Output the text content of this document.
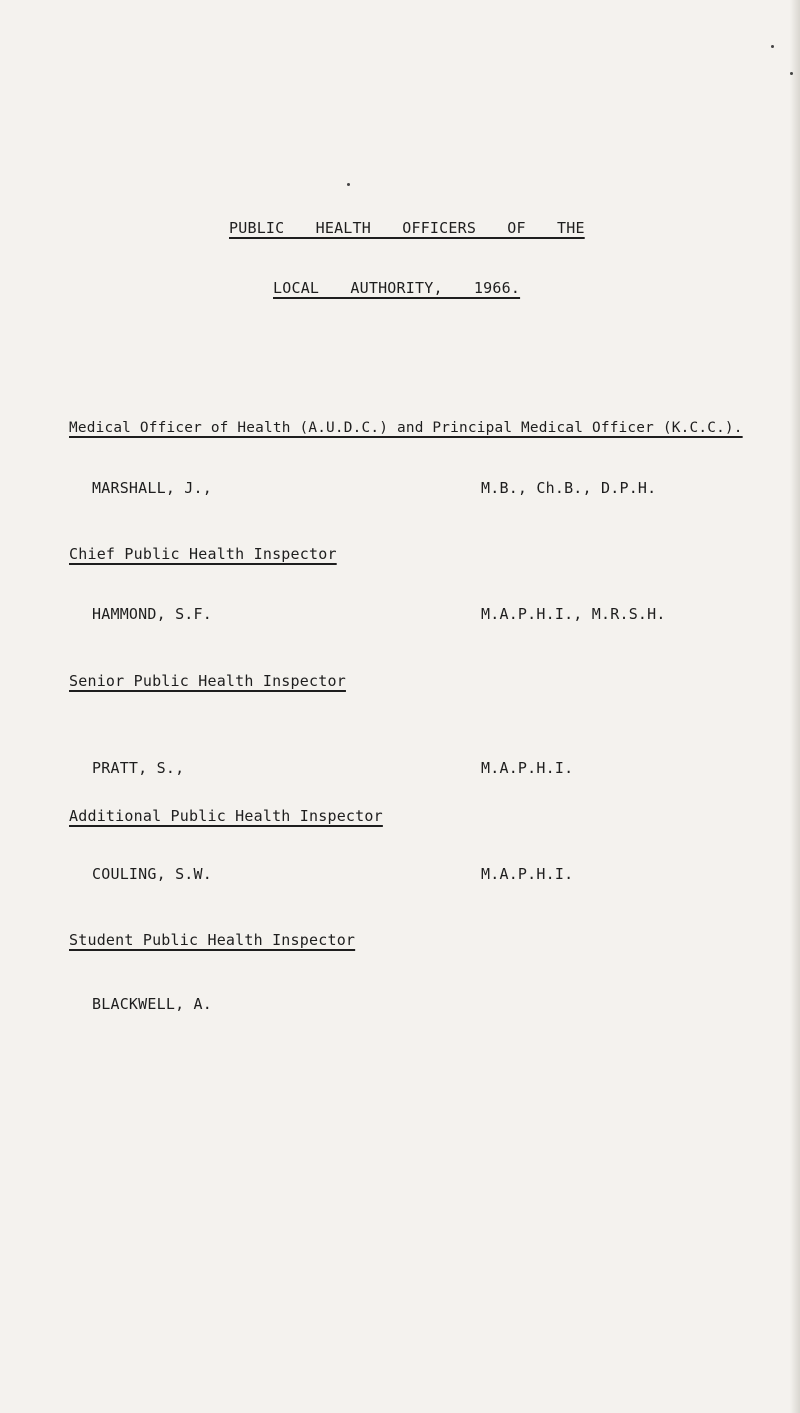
PUBLIC HEALTH OFFICERS OF THE
LOCAL AUTHORITY, 1966.
Medical Officer of Health (A.U.D.C.) and Principal Medical Officer (K.C.C.).
MARSHALL, J.,	M.B., Ch.B., D.P.H.
Chief Public Health Inspector
HAMMOND, S.F.	M.A.P.H.I., M.R.S.H.
Senior Public Health Inspector
PRATT, S.,	M.A.P.H.I.
Additional Public Health Inspector
COULING, S.W.	M.A.P.H.I.
Student Public Health Inspector
BLACKWELL, A.
